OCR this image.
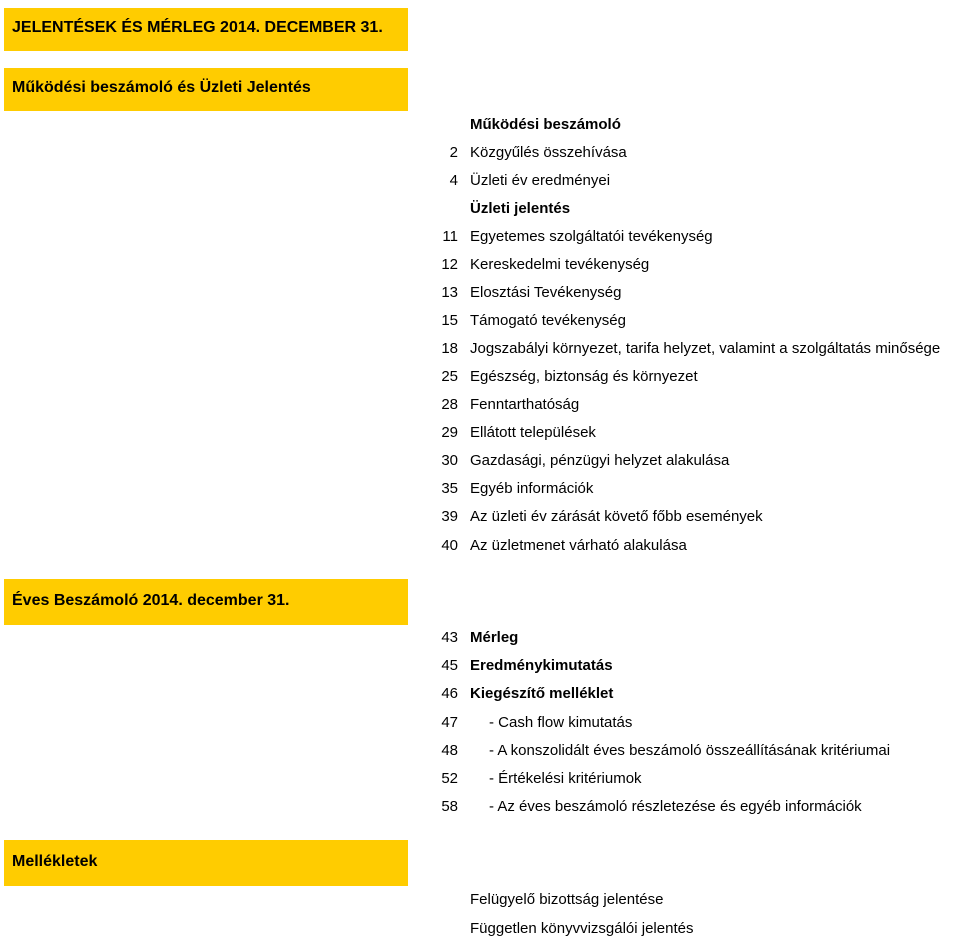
JELENTÉSEK ÉS MÉRLEG 2014. DECEMBER 31.
Működési beszámoló és Üzleti Jelentés
Működési beszámoló
2 Közgyűlés összehívása
4 Üzleti év eredményei
Üzleti jelentés
11 Egyetemes szolgáltatói tevékenység
12 Kereskedelmi tevékenység
13 Elosztási Tevékenység
15 Támogató tevékenység
18 Jogszabályi környezet, tarifa helyzet, valamint a szolgáltatás minősége
25 Egészség, biztonság és környezet
28 Fenntarthatóság
29 Ellátott települések
30 Gazdasági, pénzügyi helyzet alakulása
35 Egyéb információk
39 Az üzleti év zárását követő főbb események
40 Az üzletmenet várható alakulása
Éves Beszámoló 2014. december 31.
43 Mérleg
45 Eredménykimutatás
46 Kiegészítő melléklet
47 - Cash flow kimutatás
48 - A konszolidált éves beszámoló összeállításának kritériumai
52 - Értékelési kritériumok
58 - Az éves beszámoló részletezése és egyéb információk
Mellékletek
Felügyelő bizottság jelentése
Független könyvvizsgálói jelentés
